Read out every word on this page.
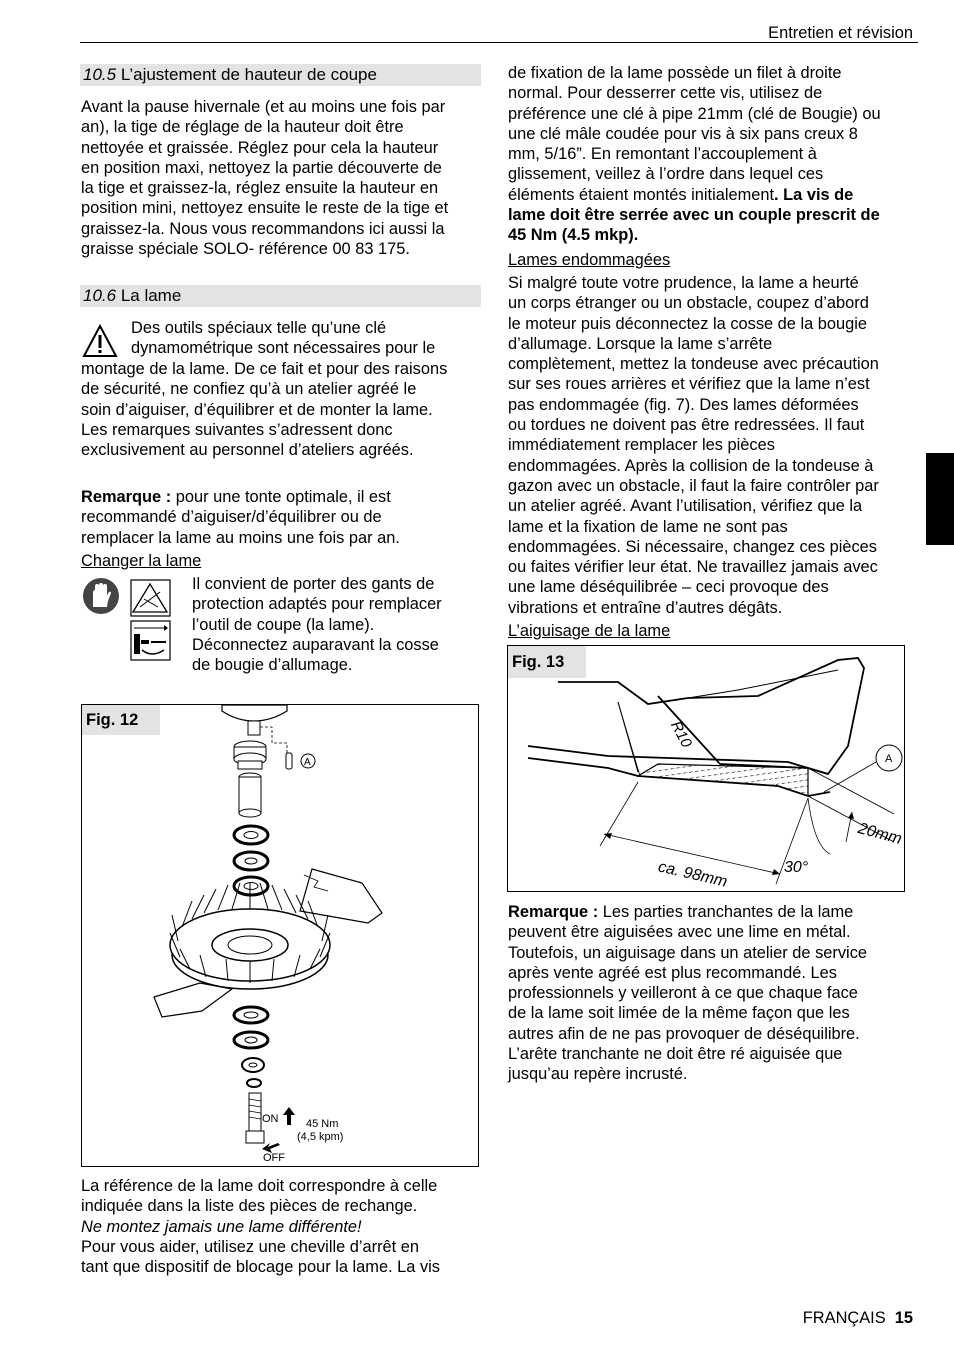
Entretien et révision
10.5 L’ajustement de hauteur de coupe

Avant la pause hivernale (et au moins une fois par

an), la tige de réglage de la hauteur doit être

nettoyée et graissée. Réglez pour cela la hauteur

en position maxi, nettoyez la partie découverte de

la tige et graissez-la, réglez ensuite la hauteur en

position mini, nettoyez ensuite le reste de la tige et

graissez-la. Nous vous recommandons ici aussi la

graisse spéciale SOLO- référence 00 83 175.

10.6 La lame

Des outils spéciaux telle qu’une clé

dynamométrique sont nécessaires pour le

montage de la lame. De ce fait et pour des raisons

de sécurité, ne confiez qu’à un atelier agréé le

soin d’aiguiser, d’équilibrer et de monter la lame.

Les remarques suivantes s’adressent donc

exclusivement au personnel d’ateliers agréés.

Remarque : pour une tonte optimale, il est

recommandé d’aiguiser/d’équilibrer ou de

remplacer la lame au moins une fois par an.

Changer la lame

Il convient de porter des gants de

protection adaptés pour remplacer

l’outil de coupe (la lame).

Déconnectez auparavant la cosse

de bougie d’allumage.

Fig. 12
A
ON
OFF
45 Nm
(4,5 kpm)

La référence de la lame doit correspondre à celle

indiquée dans la liste des pièces de rechange.

Ne montez jamais une lame différente!

Pour vous aider, utilisez une cheville d’arrêt en

tant que dispositif de blocage pour la lame. La vis

de fixation de la lame possède un filet à droite

normal. Pour desserrer cette vis, utilisez de

préférence une clé à pipe 21mm (clé de Bougie) ou

une clé mâle coudée pour vis à six pans creux 8

mm, 5/16”. En remontant l’accouplement à

glissement, veillez à l’ordre dans lequel ces

éléments étaient montés initialement. La vis de

lame doit être serrée avec un couple prescrit de

45 Nm (4.5 mkp).

Lames endommagées

Si malgré toute votre prudence, la lame a heurté

un corps étranger ou un obstacle, coupez d’abord

le moteur puis déconnectez la cosse de la bougie

d’allumage. Lorsque la lame s’arrête

complètement, mettez la tondeuse avec précaution

sur ses roues arrières et vérifiez que la lame n’est

pas endommagée (fig. 7). Des lames déformées

ou tordues ne doivent pas être redressées. Il faut

immédiatement remplacer les pièces

endommagées. Après la collision de la tondeuse à

gazon avec un obstacle, il faut la faire contrôler par

un atelier agréé. Avant l’utilisation, vérifiez que la

lame et la fixation de lame ne sont pas

endommagées. Si nécessaire, changez ces pièces

ou faites vérifier leur état. Ne travaillez jamais avec

une lame déséquilibrée – ceci provoque des

vibrations et entraîne d’autres dégâts.

L’aiguisage de la lame
Fig. 13
A
R10
ca. 98mm
20mm
30°

Remarque : Les parties tranchantes de la lame

peuvent être aiguisées avec une lime en métal.

Toutefois, un aiguisage dans un atelier de service

après vente agréé est plus recommandé. Les

professionnels y veilleront à ce que chaque face

de la lame soit limée de la même façon que les

autres afin de ne pas provoquer de déséquilibre.

L’arête tranchante ne doit être ré aiguisée que

jusqu’au repère incrusté.

FRANÇAIS 15
